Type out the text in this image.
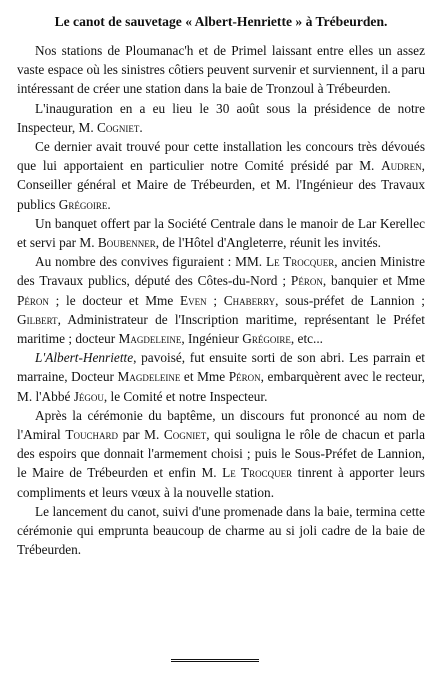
Le canot de sauvetage « Albert-Henriette » à Trébeurden.

Nos stations de Ploumanac'h et de Primel laissant entre elles un assez vaste espace où les sinistres côtiers peuvent survenir et surviennent, il a paru intéressant de créer une station dans la baie de Tronzoul à Trébeurden.

L'inauguration en a eu lieu le 30 août sous la présidence de notre Inspecteur, M. Cogniet.

Ce dernier avait trouvé pour cette installation les concours très dévoués que lui apportaient en particulier notre Comité présidé par M. Audren, Conseiller général et Maire de Trébeurden, et M. l'Ingénieur des Travaux publics Grégoire.

Un banquet offert par la Société Centrale dans le manoir de Lar Kerellec et servi par M. Boubenner, de l'Hôtel d'Angleterre, réunit les invités.

Au nombre des convives figuraient : MM. Le Trocquer, ancien Ministre des Travaux publics, député des Côtes-du-Nord ; Péron, banquier et Mme Péron ; le docteur et Mme Even ; Chaberry, sous-préfet de Lannion ; Gilbert, Administrateur de l'Inscription maritime, représentant le Préfet maritime ; docteur Magdeleine, Ingénieur Grégoire, etc...

L'Albert-Henriette, pavoisé, fut ensuite sorti de son abri. Les parrain et marraine, Docteur Magdeleine et Mme Péron, embarquèrent avec le recteur, M. l'Abbé Jégou, le Comité et notre Inspecteur.

Après la cérémonie du baptême, un discours fut prononcé au nom de l'Amiral Touchard par M. Cogniet, qui souligna le rôle de chacun et parla des espoirs que donnait l'armement choisi ; puis le Sous-Préfet de Lannion, le Maire de Trébeurden et enfin M. Le Trocquer tinrent à apporter leurs compliments et leurs vœux à la nouvelle station.

Le lancement du canot, suivi d'une promenade dans la baie, termina cette cérémonie qui emprunta beaucoup de charme au si joli cadre de la baie de Trébeurden.
